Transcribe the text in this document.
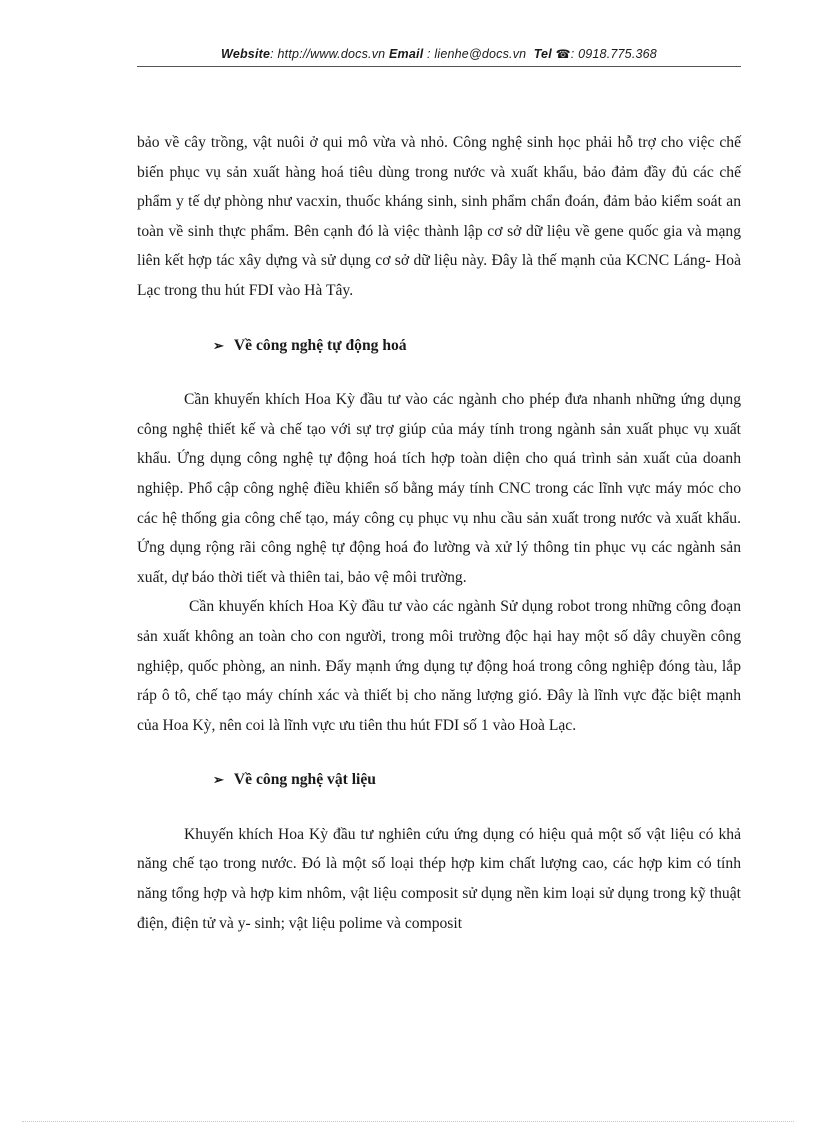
Website: http://www.docs.vn Email : lienhe@docs.vn Tel ☎: 0918.775.368

bảo về cây trồng, vật nuôi ở qui mô vừa và nhỏ. Công nghệ sinh học phải hỗ trợ cho việc chế biến phục vụ sản xuất hàng hoá tiêu dùng trong nước và xuất khẩu, bảo đảm đầy đủ các chế phẩm y tế dự phòng như vacxin, thuốc kháng sinh, sinh phẩm chẩn đoán, đảm bảo kiểm soát an toàn về sinh thực phẩm. Bên cạnh đó là việc thành lập cơ sở dữ liệu về gene quốc gia và mạng liên kết hợp tác xây dựng và sử dụng cơ sở dữ liệu này. Đây là thế mạnh của KCNC Láng- Hoà Lạc trong thu hút FDI vào Hà Tây.

➢ Về công nghệ tự động hoá

Cần khuyến khích Hoa Kỳ đầu tư vào các ngành cho phép đưa nhanh những ứng dụng công nghệ thiết kế và chế tạo với sự trợ giúp của máy tính trong ngành sản xuất phục vụ xuất khẩu. Ứng dụng công nghệ tự động hoá tích hợp toàn diện cho quá trình sản xuất của doanh nghiệp. Phổ cập công nghệ điều khiển số bằng máy tính CNC trong các lĩnh vực máy móc cho các hệ thống gia công chế tạo, máy công cụ phục vụ nhu cầu sản xuất trong nước và xuất khẩu. Ứng dụng rộng rãi công nghệ tự động hoá đo lường và xử lý thông tin phục vụ các ngành sản xuất, dự báo thời tiết và thiên tai, bảo vệ môi trường.

Cần khuyến khích Hoa Kỳ đầu tư vào các ngành Sử dụng robot trong những công đoạn sản xuất không an toàn cho con người, trong môi trường độc hại hay một số dây chuyền công nghiệp, quốc phòng, an ninh. Đẩy mạnh ứng dụng tự động hoá trong công nghiệp đóng tàu, lắp ráp ô tô, chế tạo máy chính xác và thiết bị cho năng lượng gió. Đây là lĩnh vực đặc biệt mạnh của Hoa Kỳ, nên coi là lĩnh vực ưu tiên thu hút FDI số 1 vào Hoà Lạc.

➢ Về công nghệ vật liệu

Khuyến khích Hoa Kỳ đầu tư nghiên cứu ứng dụng có hiệu quả một số vật liệu có khả năng chế tạo trong nước. Đó là một số loại thép hợp kim chất lượng cao, các hợp kim có tính năng tổng hợp và hợp kim nhôm, vật liệu composit sử dụng nền kim loại sử dụng trong kỹ thuật điện, điện tử và y- sinh; vật liệu polime và composit
